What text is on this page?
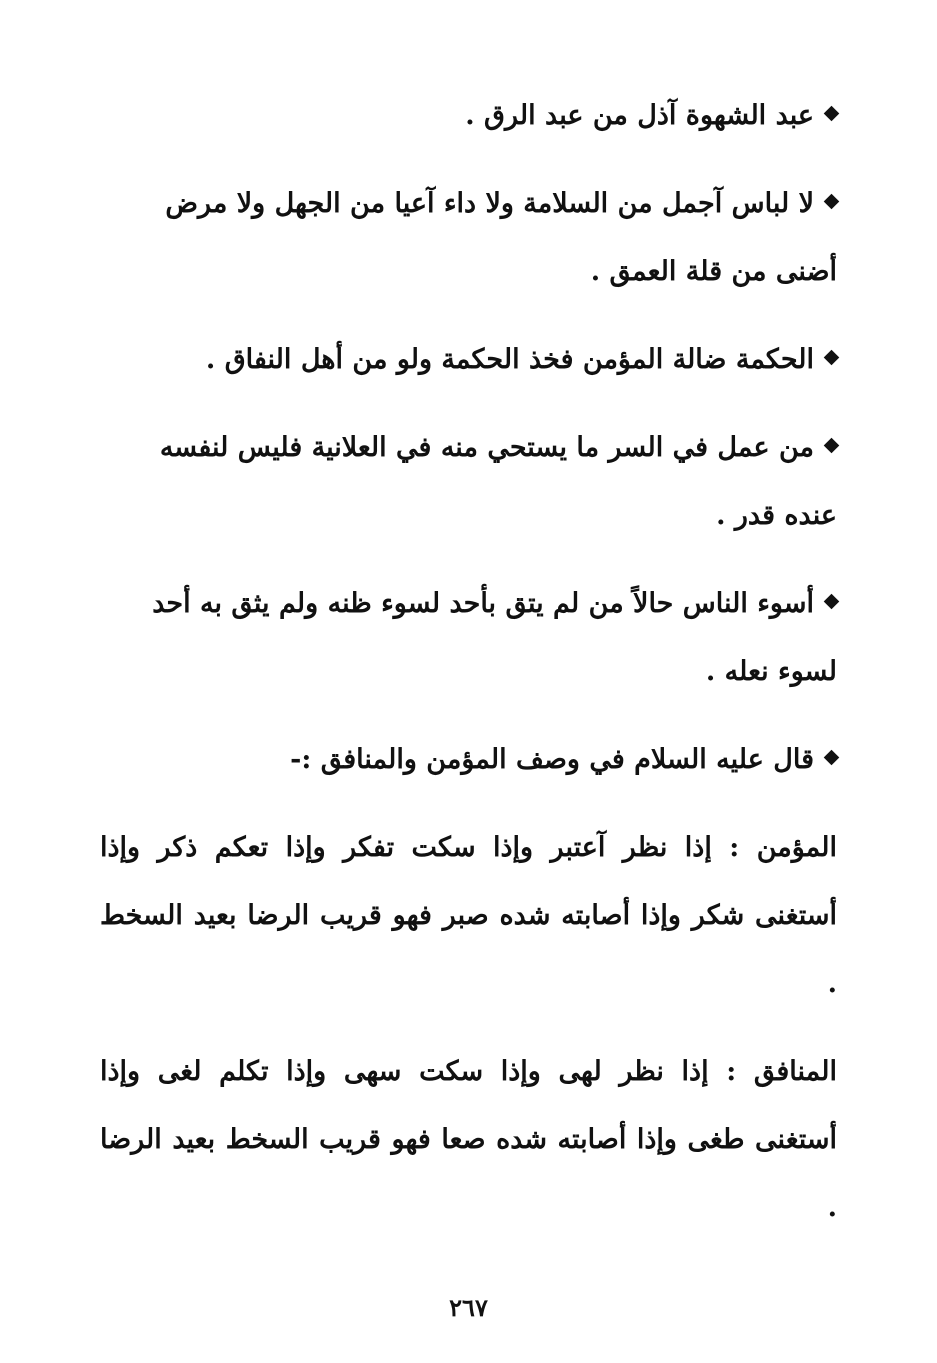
عبد الشهوة آذل من عبد الرق .

لا لباس آجمل من السلامة ولا داء آعيا من الجهل ولا مرض أضنى من قلة العمق .

الحكمة ضالة المؤمن فخذ الحكمة ولو من أهل النفاق .

من عمل في السر ما يستحي منه في العلانية فليس لنفسه عنده قدر .

أسوء الناس حالاً من لم يتق بأحد لسوء ظنه ولم يثق به أحد لسوء نعله .

قال عليه السلام في وصف المؤمن والمنافق :-

المؤمن : إذا نظر آعتبر وإذا سكت تفكر وإذا تعكم ذكر وإذا أستغنى شكر وإذا أصابته شده صبر فهو قريب الرضا بعيد السخط .

المنافق : إذا نظر لهى وإذا سكت سهى وإذا تكلم لغى وإذا أستغنى طغى وإذا أصابته شده صعا فهو قريب السخط بعيد الرضا .

٢٦٧
